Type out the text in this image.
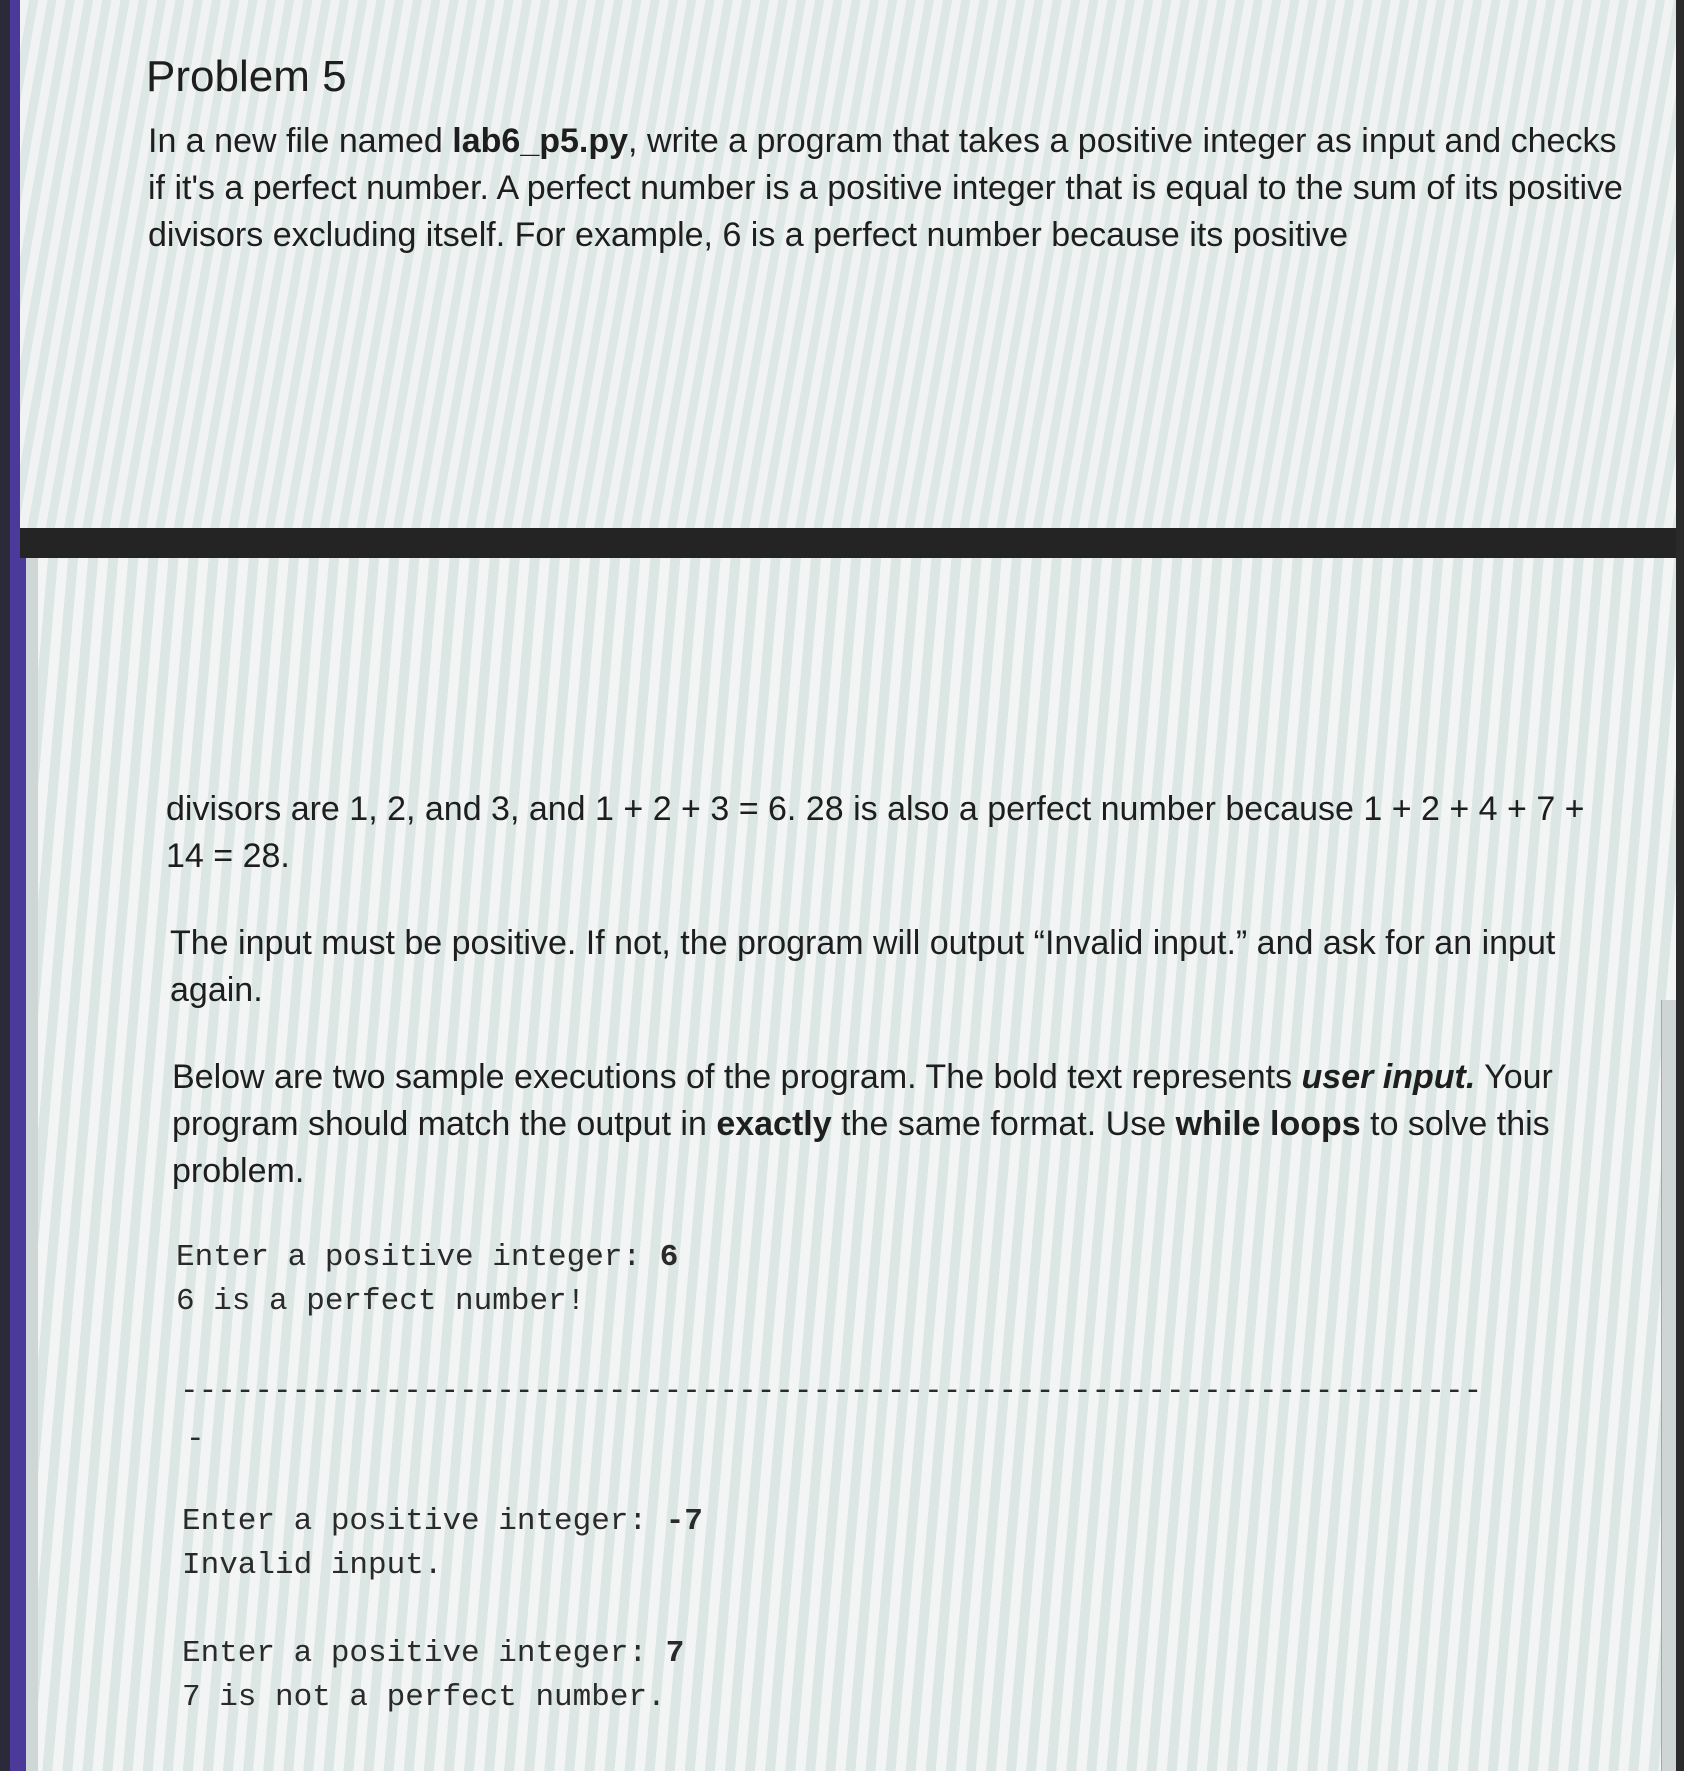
Problem 5

In a new file named lab6_p5.py, write a program that takes a positive integer as input and checks if it's a perfect number. A perfect number is a positive integer that is equal to the sum of its positive divisors excluding itself. For example, 6 is a perfect number because its positive

divisors are 1, 2, and 3, and 1 + 2 + 3 = 6. 28 is also a perfect number because 1 + 2 + 4 + 7 + 14 = 28.

The input must be positive. If not, the program will output “Invalid input.” and ask for an input again.

Below are two sample executions of the program. The bold text represents user input. Your program should match the output in exactly the same format. Use while loops to solve this problem.

Enter a positive integer: 6
6 is a perfect number!
----------------------------------------------------------------------
-
Enter a positive integer: -7
Invalid input.
Enter a positive integer: 7
7 is not a perfect number.
